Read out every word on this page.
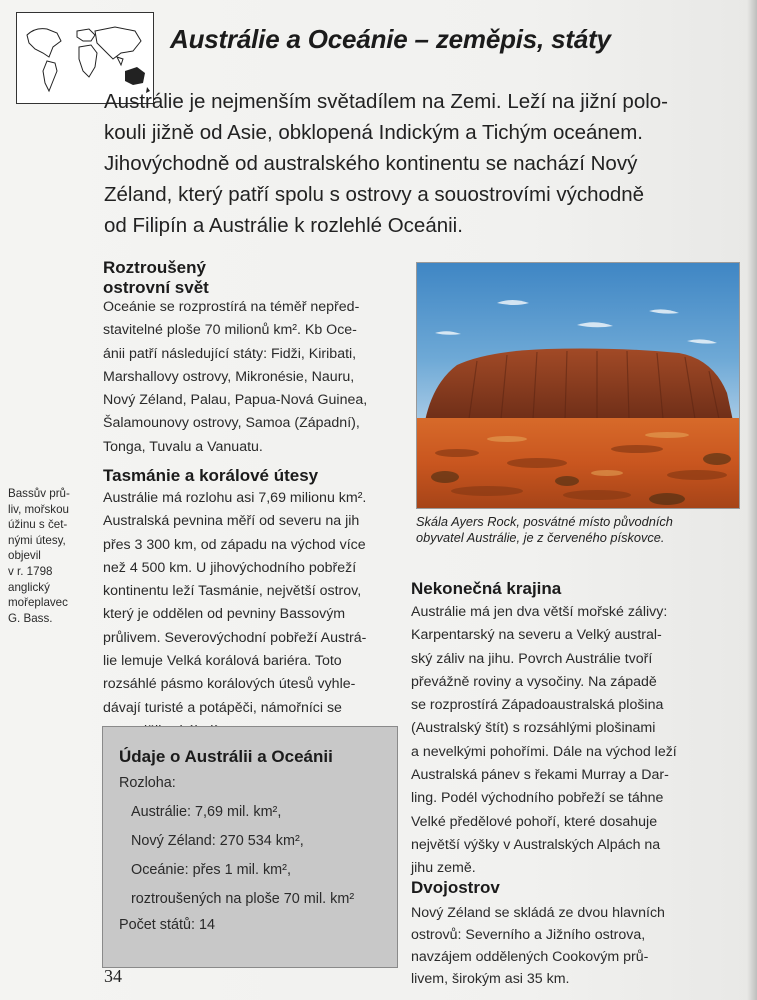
Austrálie a Oceánie – zeměpis, státy
Austrálie je nejmenším světadílem na Zemi. Leží na jižní polo-
kouli jižně od Asie, obklopená Indickým a Tichým oceánem.
Jihovýchodně od australského kontinentu se nachází Nový
Zéland, který patří spolu s ostrovy a souostrovími východně
od Filipín a Austrálie k rozlehlé Oceánii.
Roztroušený
ostrovní svět
Oceánie se rozprostírá na téměř nepřed-
stavitelné ploše 70 milionů km². Kb Oce-
ánii patří následující státy: Fidži, Kiribati,
Marshallovy ostrovy, Mikronésie, Nauru,
Nový Zéland, Palau, Papua-Nová Guinea,
Šalamounovy ostrovy, Samoa (Západní),
Tonga, Tuvalu a Vanuatu.
Tasmánie a korálové útesy
Austrálie má rozlohu asi 7,69 milionu km².
Australská pevnina měří od severu na jih
přes 3 300 km, od západu na východ více
než 4 500 km. U jihovýchodního pobřeží
kontinentu leží Tasmánie, největší ostrov,
který je oddělen od pevniny Bassovým
průlivem. Severovýchodní pobřeží Austrá-
lie lemuje Velká korálová bariéra. Toto
rozsáhlé pásmo korálových útesů vyhle-
dávají turisté a potápěči, námořníci se
Bassův prů-
liv, mořskou
úžinu s čet-
nými útesy,
objevil
v r. 1798
anglický
mořeplavec
G. Bass.
Skála Ayers Rock, posvátné místo původních
obyvatel Austrálie, je z červeného pískovce.
Nekonečná krajina
Austrálie má jen dva větší mořské zálivy:
Karpentarský na severu a Velký austral-
ský záliv na jihu. Povrch Austrálie tvoří
převážně roviny a vysočiny. Na západě
se rozprostírá Západoaustralská plošina
(Australský štít) s rozsáhlými plošinami
a nevelkými pohořími. Dále na východ leží
Australská pánev s řekami Murray a Dar-
ling. Podél východního pobřeží se táhne
Velké předělové pohoří, které dosahuje
největší výšky v Australských Alpách na
jihu země.
Dvojostrov
Nový Zéland se skládá ze dvou hlavních
ostrovů: Severního a Jižního ostrova,
navzájem oddělených Cookovým prů-
livem, širokým asi 35 km.
Údaje o Austrálii a Oceánii
Rozloha:
Austrálie: 7,69 mil. km²,
Nový Zéland: 270 534 km²,
Oceánie: přes 1 mil. km²,
roztroušených na ploše 70 mil. km²
Počet států: 14
34
